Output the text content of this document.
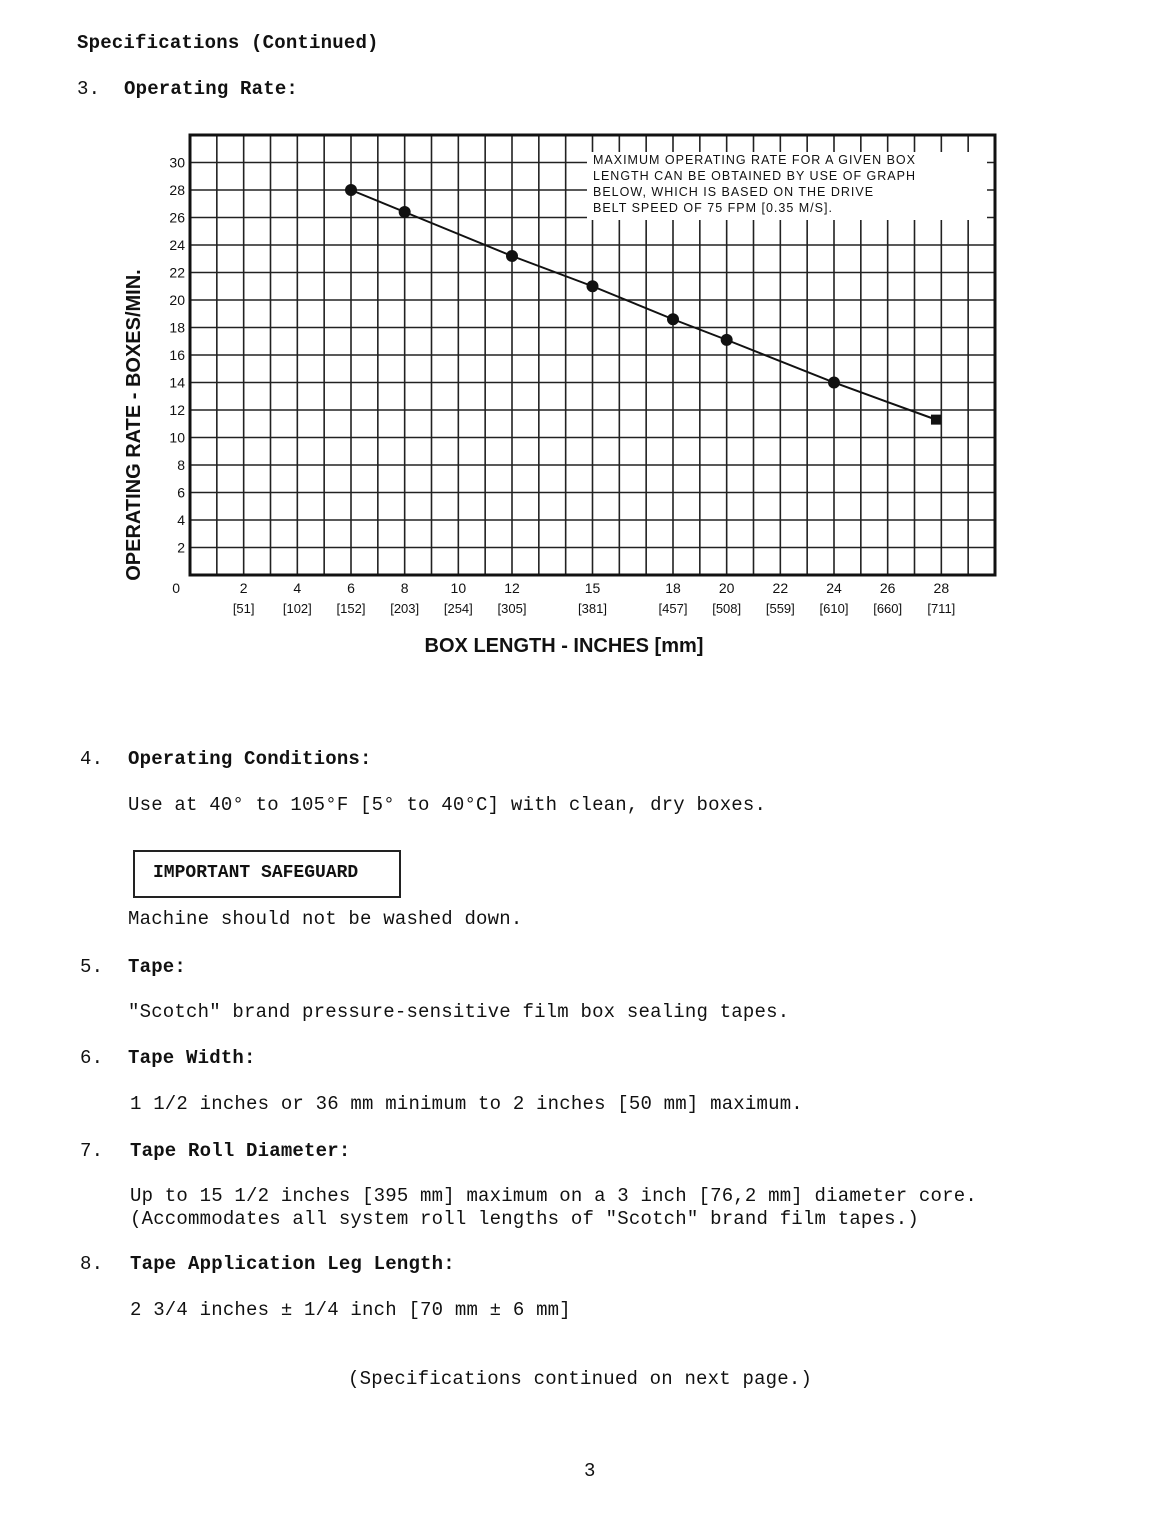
Specifications (Continued)
3. Operating Rate:
2
4
6
8
10
12
14
16
18
20
22
24
26
28
30
0	2
[51]
4
[102]
6
[152]
8
[203]
10
[254]
12
[305]
15
[381]
18
[457]
20
[508]
22
[559]
24
[610]
26
[660]
28
[711]
MAXIMUM OPERATING RATE FOR A GIVEN BOX LENGTH CAN BE OBTAINED BY USE OF GRAPH BELOW, WHICH IS BASED ON THE DRIVE BELT SPEED OF 75 FPM [0.35 M/S].
OPERATING RATE - BOXES/MIN.
BOX LENGTH - INCHES [mm]
4. Operating Conditions:
Use at 40° to 105°F [5° to 40°C] with clean, dry boxes.
IMPORTANT SAFEGUARD
Machine should not be washed down.
5. Tape:
"Scotch" brand pressure-sensitive film box sealing tapes.
6. Tape Width:
1 1/2 inches or 36 mm minimum to 2 inches [50 mm] maximum.
7. Tape Roll Diameter:
Up to 15 1/2 inches [395 mm] maximum on a 3 inch [76,2 mm] diameter core.
(Accommodates all system roll lengths of "Scotch" brand film tapes.)
8. Tape Application Leg Length:
2 3/4 inches ± 1/4 inch [70 mm ± 6 mm]
(Specifications continued on next page.)
3
